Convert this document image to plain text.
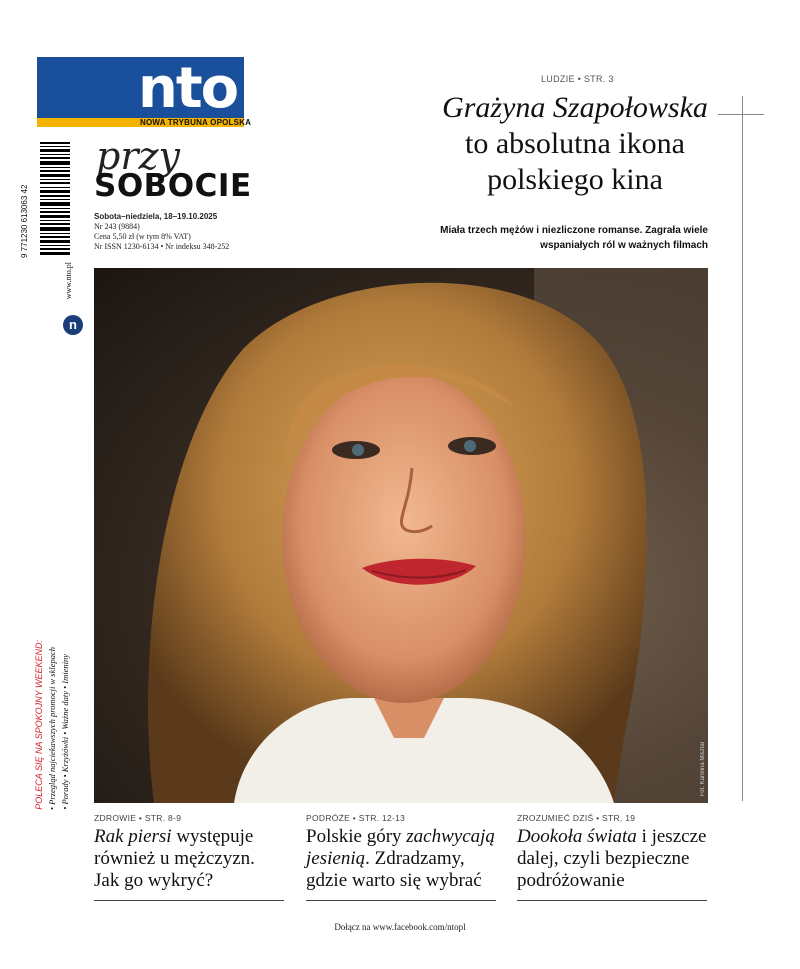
nto
NOWA TRYBUNA OPOLSKA
przy
SOBOCIE
Sobota–niedziela, 18–19.10.2025
Nr 243 (9884)
Cena 5,50 zł (w tym 8% VAT)
Nr ISSN 1230-6134 • Nr indeksu 348-252
9 771230 613063 42
www.nto.pl
n
LUDZIE • STR. 3
Grażyna Szapołowska
to absolutna ikona
polskiego kina
Miała trzech mężów i niezliczone romanse. Zagrała wiele wspaniałych ról w ważnych filmach
Fot. Karolina Misztal
POLECA SIĘ NA SPOKOJNY WEEKEND: • Przegląd najciekawszych promocji w sklepach • Porady • Krzyżówki • Ważne daty • Imieniny
ZDROWIE • STR. 8-9
Rak piersi występuje również u mężczyzn. Jak go wykryć?
PODRÓŻE • STR. 12-13
Polskie góry zachwycają jesienią. Zdradzamy, gdzie warto się wybrać
ZROZUMIEĆ DZIŚ • STR. 19
Dookoła świata i jeszcze dalej, czyli bezpieczne podróżowanie
Dołącz na www.facebook.com/ntopl
